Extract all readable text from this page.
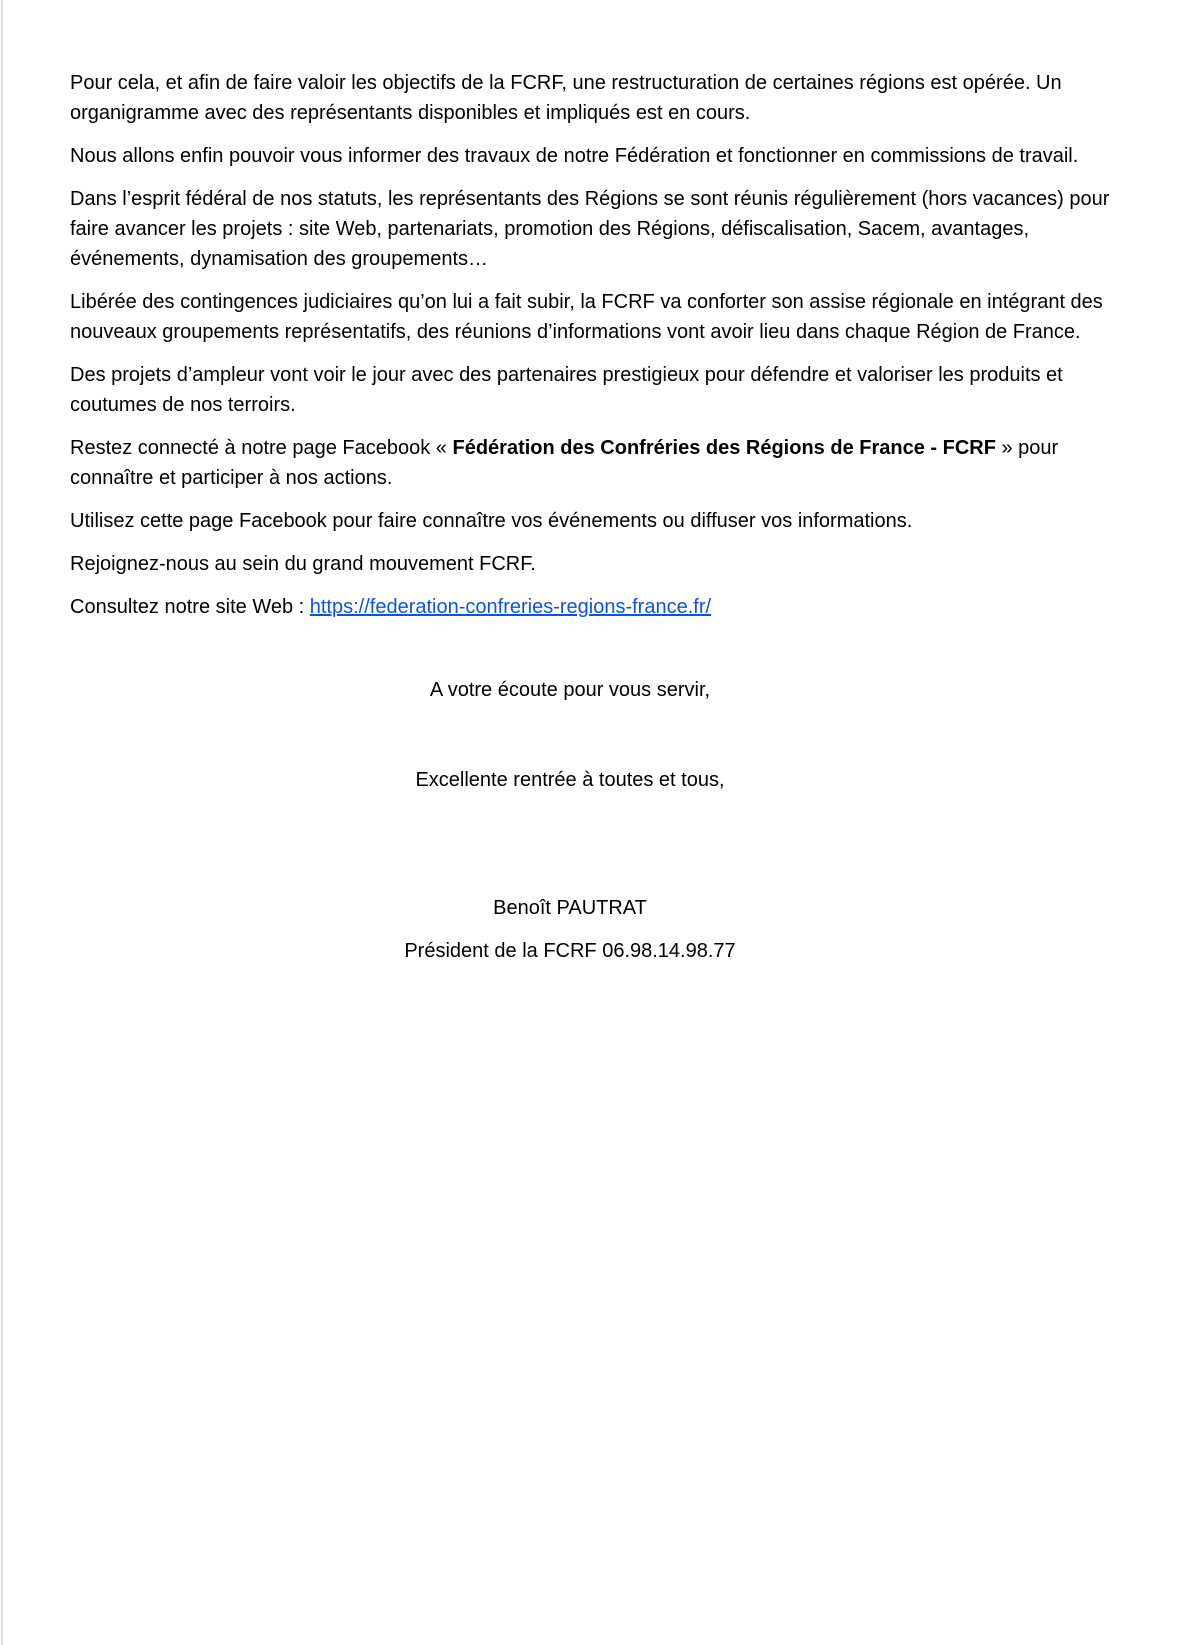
Pour cela, et afin de faire valoir les objectifs de la FCRF, une restructuration de certaines régions est opérée. Un organigramme avec des représentants disponibles et impliqués est en cours.

Nous allons enfin pouvoir vous informer des travaux de notre Fédération et fonctionner en commissions de travail.

Dans l’esprit fédéral de nos statuts, les représentants des Régions se sont réunis régulièrement (hors vacances) pour faire avancer les projets : site Web, partenariats, promotion des Régions, défiscalisation, Sacem, avantages, événements, dynamisation des groupements…

Libérée des contingences judiciaires qu’on lui a fait subir, la FCRF va conforter son assise régionale en intégrant des nouveaux groupements représentatifs, des réunions d’informations vont avoir lieu dans chaque Région de France.

Des projets d’ampleur vont voir le jour avec des partenaires prestigieux pour défendre et valoriser les produits et coutumes de nos terroirs.

Restez connecté à notre page Facebook « Fédération des Confréries des Régions de France - FCRF » pour connaître et participer à nos actions.

Utilisez cette page Facebook pour faire connaître vos événements ou diffuser vos informations.

Rejoignez-nous au sein du grand mouvement FCRF.

Consultez notre site Web : https://federation-confreries-regions-france.fr/

A votre écoute pour vous servir,

Excellente rentrée à toutes et tous,

Benoît PAUTRAT

Président de la FCRF 06.98.14.98.77
